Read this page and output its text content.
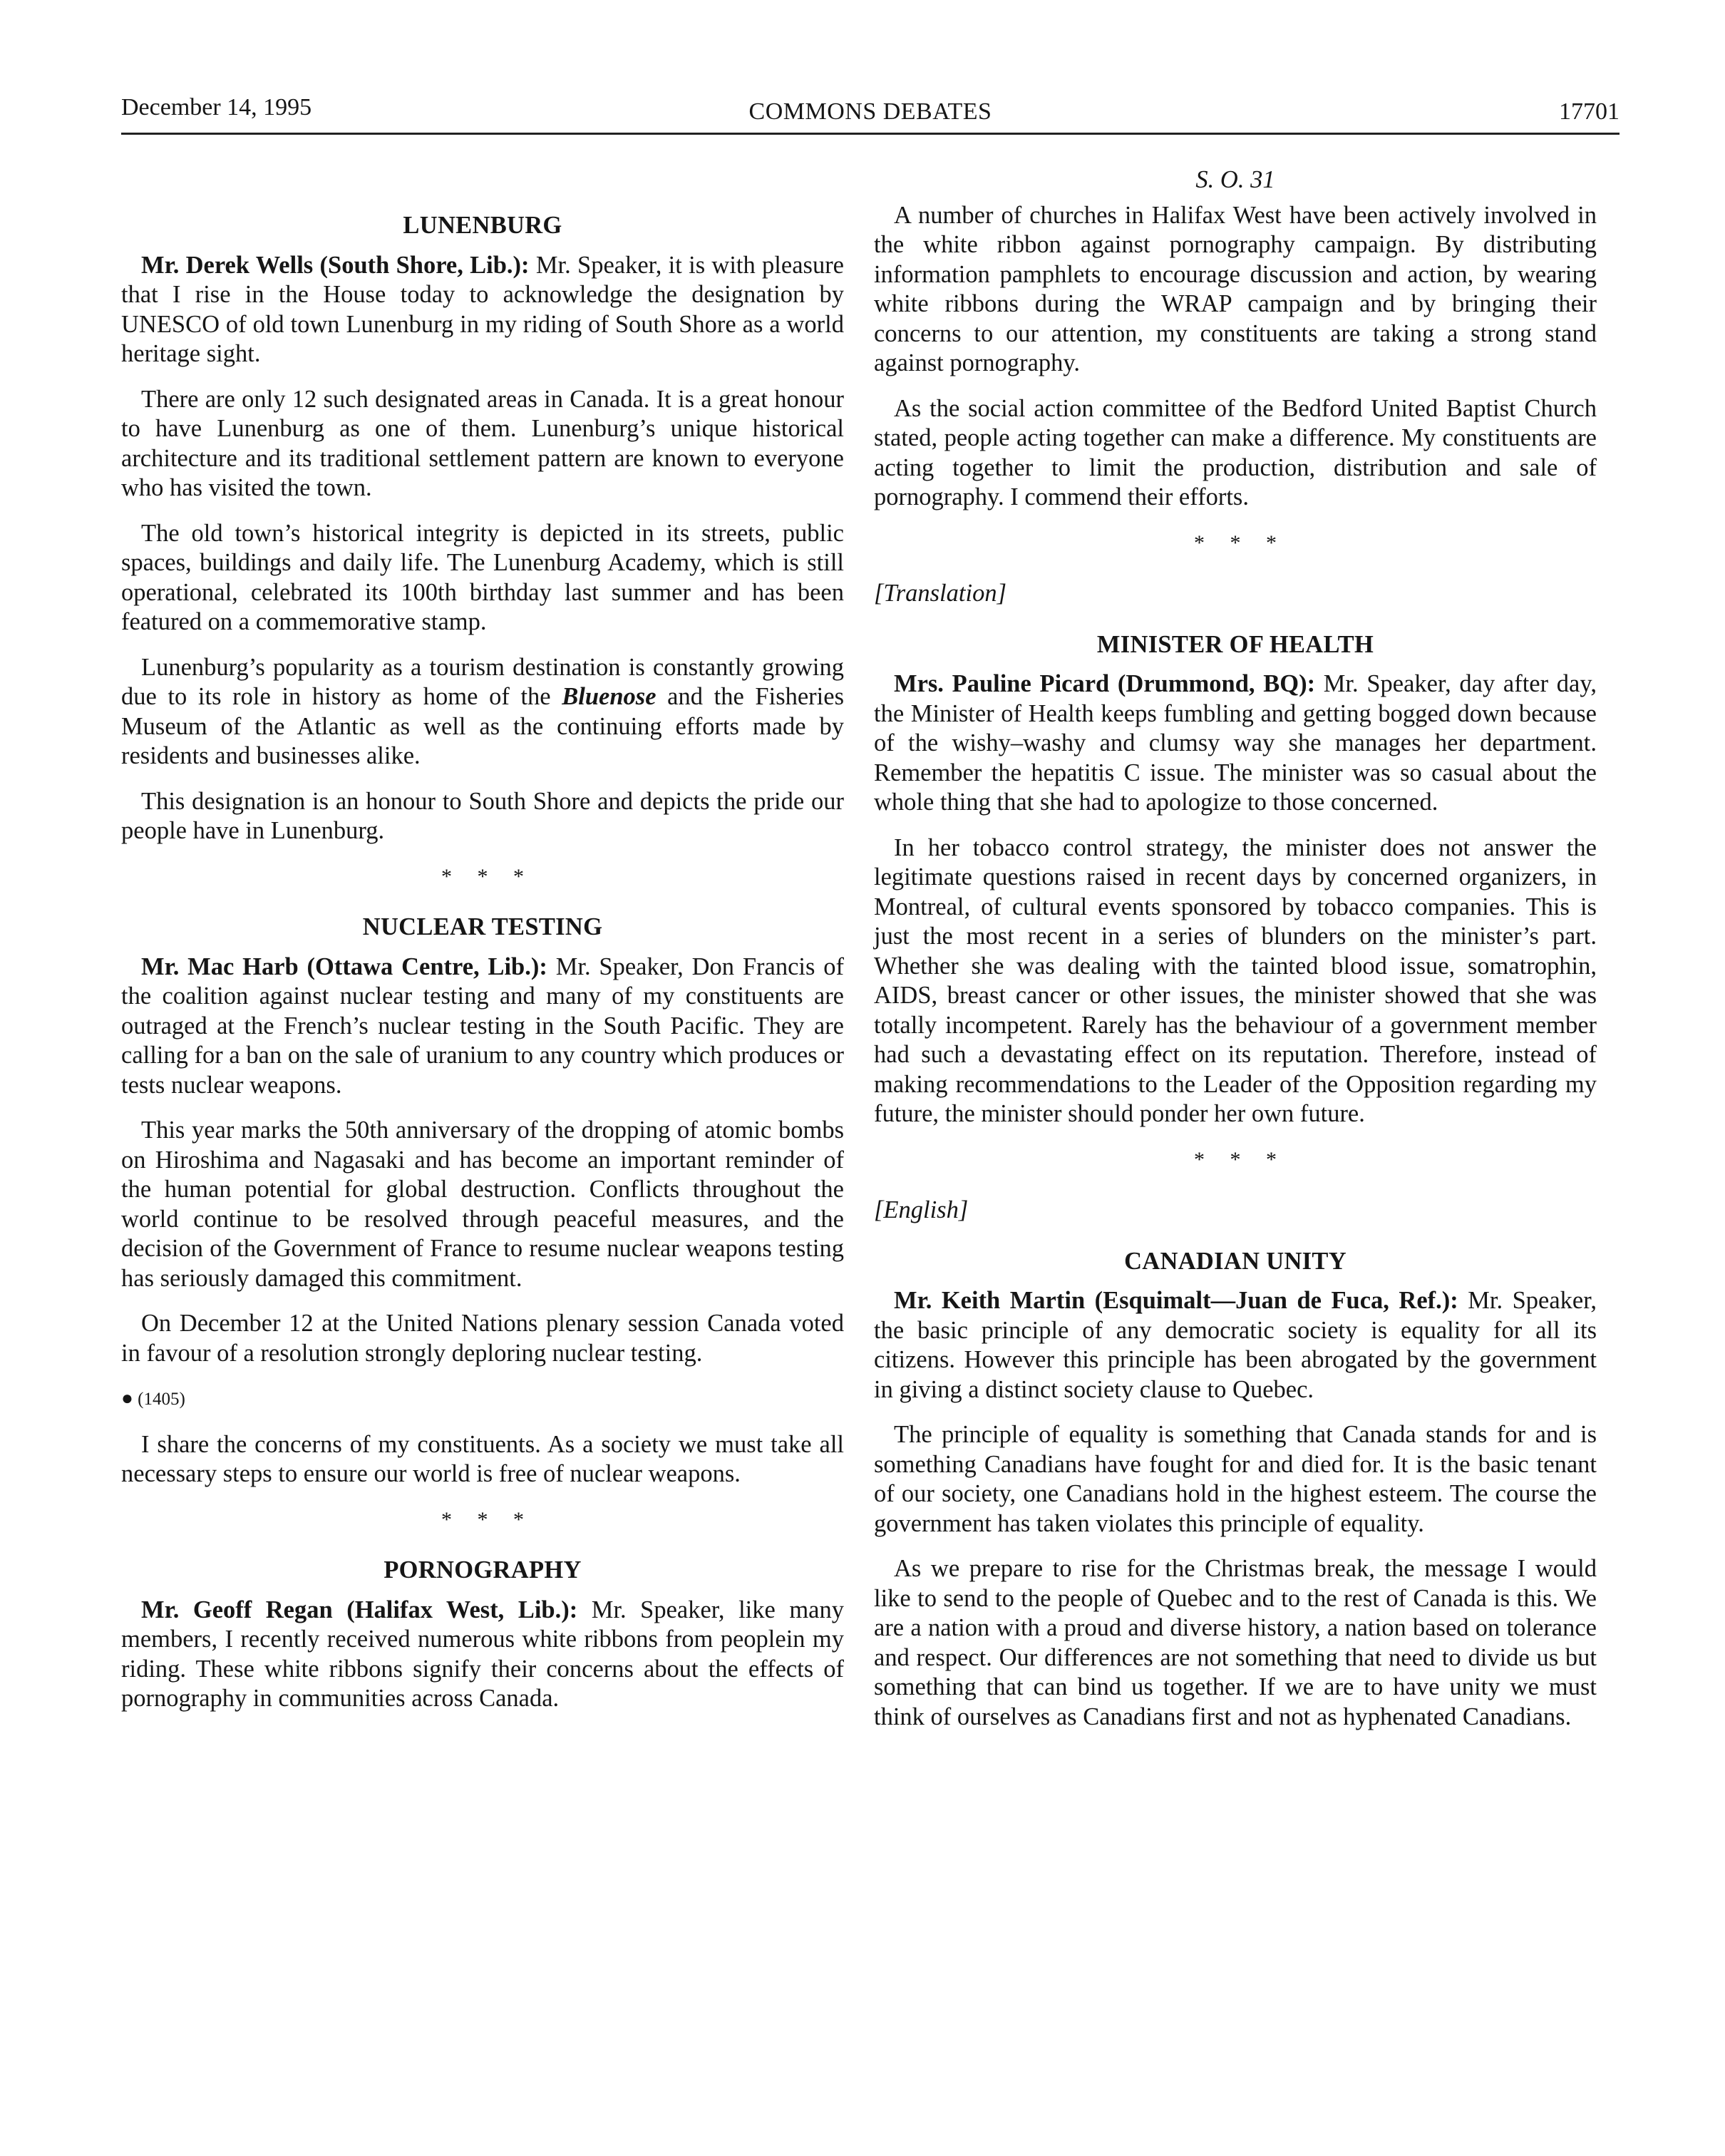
December 14, 1995	COMMONS DEBATES	17701
LUNENBURG

Mr. Derek Wells (South Shore, Lib.): Mr. Speaker, it is with pleasure that I rise in the House today to acknowledge the designation by UNESCO of old town Lunenburg in my riding of South Shore as a world heritage sight.

There are only 12 such designated areas in Canada. It is a great honour to have Lunenburg as one of them. Lunenburg’s unique historical architecture and its traditional settlement pattern are known to everyone who has visited the town.

The old town’s historical integrity is depicted in its streets, public spaces, buildings and daily life. The Lunenburg Academy, which is still operational, celebrated its 100th birthday last summer and has been featured on a commemorative stamp.

Lunenburg’s popularity as a tourism destination is constantly growing due to its role in history as home of the Bluenose and the Fisheries Museum of the Atlantic as well as the continuing efforts made by residents and businesses alike.

This designation is an honour to South Shore and depicts the pride our people have in Lunenburg.

* * *
NUCLEAR TESTING

Mr. Mac Harb (Ottawa Centre, Lib.): Mr. Speaker, Don Francis of the coalition against nuclear testing and many of my constituents are outraged at the French’s nuclear testing in the South Pacific. They are calling for a ban on the sale of uranium to any country which produces or tests nuclear weapons.

This year marks the 50th anniversary of the dropping of atomic bombs on Hiroshima and Nagasaki and has become an important reminder of the human potential for global destruction. Conflicts throughout the world continue to be resolved through peaceful measures, and the decision of the Government of France to resume nuclear weapons testing has seriously damaged this commitment.

On December 12 at the United Nations plenary session Canada voted in favour of a resolution strongly deploring nuclear testing.

● (1405)

I share the concerns of my constituents. As a society we must take all necessary steps to ensure our world is free of nuclear weapons.

* * *
PORNOGRAPHY

Mr. Geoff Regan (Halifax West, Lib.): Mr. Speaker, like many members, I recently received numerous white ribbons from peoplein my riding. These white ribbons signify their concerns about the effects of pornography in communities across Canada.

S. O. 31

A number of churches in Halifax West have been actively involved in the white ribbon against pornography campaign. By distributing information pamphlets to encourage discussion and action, by wearing white ribbons during the WRAP campaign and by bringing their concerns to our attention, my constituents are taking a strong stand against pornography.

As the social action committee of the Bedford United Baptist Church stated, people acting together can make a difference. My constituents are acting together to limit the production, distribution and sale of pornography. I commend their efforts.

* * *
[Translation]
MINISTER OF HEALTH

Mrs. Pauline Picard (Drummond, BQ): Mr. Speaker, day after day, the Minister of Health keeps fumbling and getting bogged down because of the wishy–washy and clumsy way she manages her department. Remember the hepatitis C issue. The minister was so casual about the whole thing that she had to apologize to those concerned.

In her tobacco control strategy, the minister does not answer the legitimate questions raised in recent days by concerned organizers, in Montreal, of cultural events sponsored by tobacco companies. This is just the most recent in a series of blunders on the minister’s part. Whether she was dealing with the tainted blood issue, somatrophin, AIDS, breast cancer or other issues, the minister showed that she was totally incompetent. Rarely has the behaviour of a government member had such a devastating effect on its reputation. Therefore, instead of making recommendations to the Leader of the Opposition regarding my future, the minister should ponder her own future.

* * *
[English]
CANADIAN UNITY

Mr. Keith Martin (Esquimalt—Juan de Fuca, Ref.): Mr. Speaker, the basic principle of any democratic society is equality for all its citizens. However this principle has been abrogated by the government in giving a distinct society clause to Quebec.

The principle of equality is something that Canada stands for and is something Canadians have fought for and died for. It is the basic tenant of our society, one Canadians hold in the highest esteem. The course the government has taken violates this principle of equality.

As we prepare to rise for the Christmas break, the message I would like to send to the people of Quebec and to the rest of Canada is this. We are a nation with a proud and diverse history, a nation based on tolerance and respect. Our differences are not something that need to divide us but something that can bind us together. If we are to have unity we must think of ourselves as Canadians first and not as hyphenated Canadians.
